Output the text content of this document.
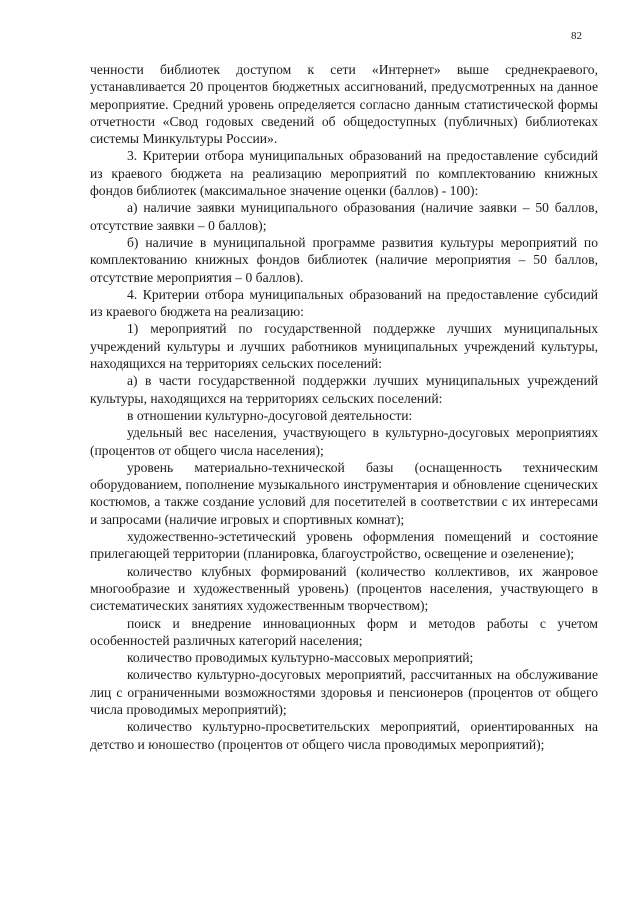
82

ченности библиотек доступом к сети «Интернет» выше среднекраевого, устанавливается 20 процентов бюджетных ассигнований, предусмотренных на данное мероприятие. Средний уровень определяется согласно данным статистической формы отчетности «Свод годовых сведений об общедоступных (публичных) библиотеках системы Минкультуры России».

3. Критерии отбора муниципальных образований на предоставление субсидий из краевого бюджета на реализацию мероприятий по комплектованию книжных фондов библиотек (максимальное значение оценки (баллов) - 100):

а) наличие заявки муниципального образования (наличие заявки – 50 баллов, отсутствие заявки – 0 баллов);

б) наличие в муниципальной программе развития культуры мероприятий по комплектованию книжных фондов библиотек (наличие мероприятия – 50 баллов, отсутствие мероприятия – 0 баллов).

4. Критерии отбора муниципальных образований на предоставление субсидий из краевого бюджета на реализацию:

1) мероприятий по государственной поддержке лучших муниципальных учреждений культуры и лучших работников муниципальных учреждений культуры, находящихся на территориях сельских поселений:

а) в части государственной поддержки лучших муниципальных учреждений культуры, находящихся на территориях сельских поселений:

в отношении культурно-досуговой деятельности:

удельный вес населения, участвующего в культурно-досуговых мероприятиях (процентов от общего числа населения);

уровень материально-технической базы (оснащенность техническим оборудованием, пополнение музыкального инструментария и обновление сценических костюмов, а также создание условий для посетителей в соответствии с их интересами и запросами (наличие игровых и спортивных комнат);

художественно-эстетический уровень оформления помещений и состояние прилегающей территории (планировка, благоустройство, освещение и озеленение);

количество клубных формирований (количество коллективов, их жанровое многообразие и художественный уровень) (процентов населения, участвующего в систематических занятиях художественным творчеством);

поиск и внедрение инновационных форм и методов работы с учетом особенностей различных категорий населения;

количество проводимых культурно-массовых мероприятий;

количество культурно-досуговых мероприятий, рассчитанных на обслуживание лиц с ограниченными возможностями здоровья и пенсионеров (процентов от общего числа проводимых мероприятий);

количество культурно-просветительских мероприятий, ориентированных на детство и юношество (процентов от общего числа проводимых мероприятий);
